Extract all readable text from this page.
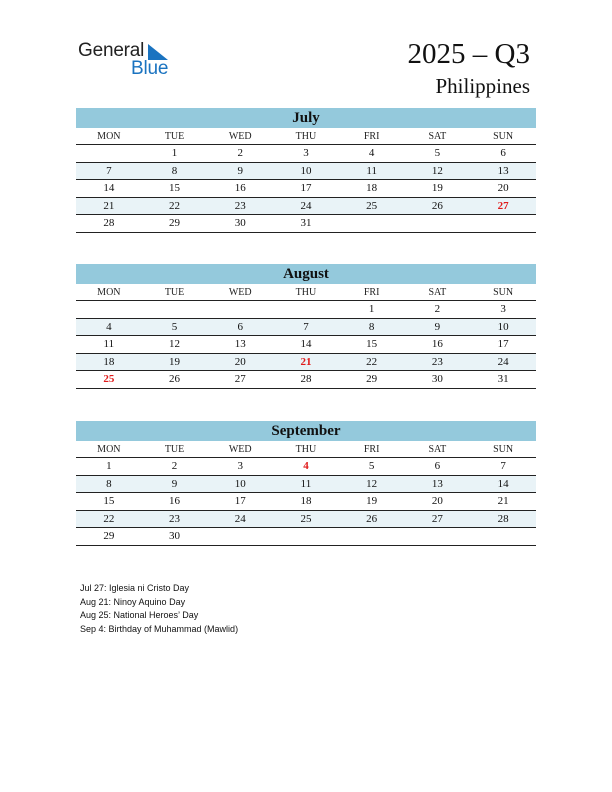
General
Blue	2025 – Q3
Philippines
July
MON	TUE	WED	THU	FRI	SAT	SUN
	1	2	3	4	5	6
7	8	9	10	11	12	13
14	15	16	17	18	19	20
21	22	23	24	25	26	27
28	29	30	31			
August
MON	TUE	WED	THU	FRI	SAT	SUN
				1	2	3
4	5	6	7	8	9	10
11	12	13	14	15	16	17
18	19	20	21	22	23	24
25	26	27	28	29	30	31
September
MON	TUE	WED	THU	FRI	SAT	SUN
1	2	3	4	5	6	7
8	9	10	11	12	13	14
15	16	17	18	19	20	21
22	23	24	25	26	27	28
29	30					
Jul 27: Iglesia ni Cristo Day
Aug 21: Ninoy Aquino Day
Aug 25: National Heroes’ Day
Sep 4: Birthday of Muhammad (Mawlid)
